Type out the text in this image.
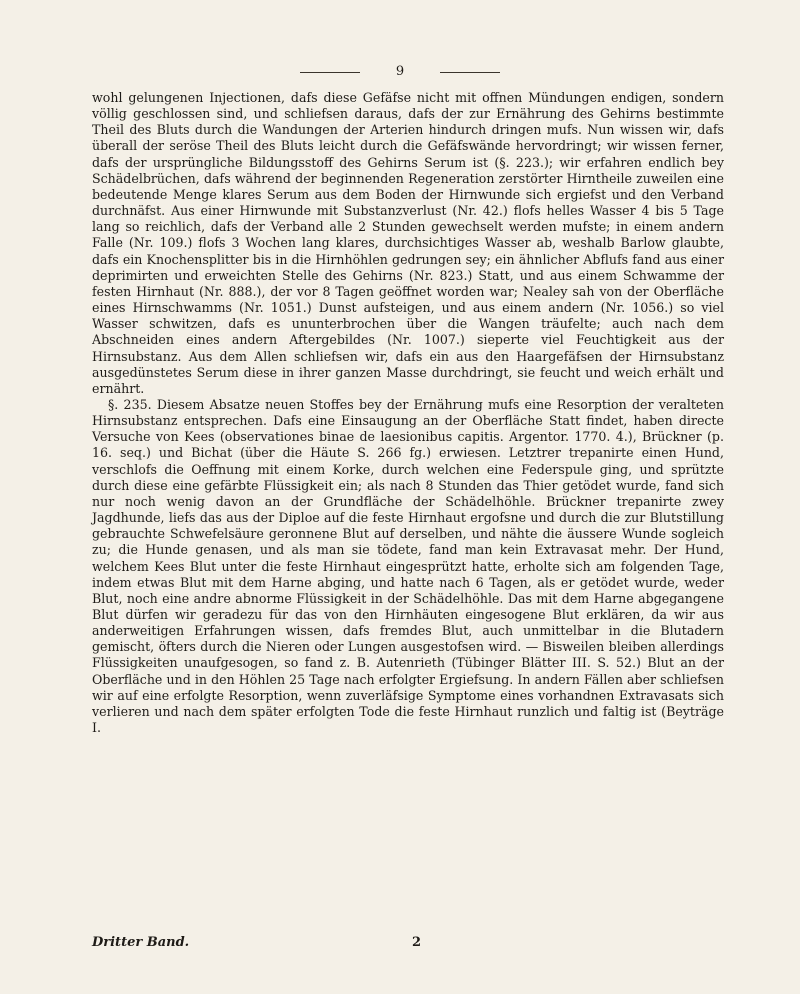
9

wohl gelungenen Injectionen, dafs diese Gefäfse nicht mit offnen Mündungen endigen, sondern völlig geschlossen sind, und schliefsen daraus, dafs der zur Ernährung des Gehirns bestimmte Theil des Bluts durch die Wandungen der Arterien hindurch dringen mufs. Nun wissen wir, dafs überall der seröse Theil des Bluts leicht durch die Gefäfswände hervordringt; wir wissen ferner, dafs der ursprüngliche Bildungsstoff des Gehirns Serum ist (§. 223.); wir erfahren endlich bey Schädelbrüchen, dafs während der beginnenden Regeneration zerstörter Hirntheile zuweilen eine bedeutende Menge klares Serum aus dem Boden der Hirnwunde sich ergiefst und den Verband durchnäfst. Aus einer Hirnwunde mit Substanzverlust (Nr. 42.) flofs helles Wasser 4 bis 5 Tage lang so reichlich, dafs der Verband alle 2 Stunden gewechselt werden mufste; in einem andern Falle (Nr. 109.) flofs 3 Wochen lang klares, durchsichtiges Wasser ab, weshalb Barlow glaubte, dafs ein Knochensplitter bis in die Hirnhöhlen gedrungen sey; ein ähnlicher Abflufs fand aus einer deprimirten und erweichten Stelle des Gehirns (Nr. 823.) Statt, und aus einem Schwamme der festen Hirnhaut (Nr. 888.), der vor 8 Tagen geöffnet worden war; Nealey sah von der Oberfläche eines Hirnschwamms (Nr. 1051.) Dunst aufsteigen, und aus einem andern (Nr. 1056.) so viel Wasser schwitzen, dafs es ununterbrochen über die Wangen träufelte; auch nach dem Abschneiden eines andern Aftergebildes (Nr. 1007.) sieperte viel Feuchtigkeit aus der Hirnsubstanz. Aus dem Allen schliefsen wir, dafs ein aus den Haargefäfsen der Hirnsubstanz ausgedünstetes Serum diese in ihrer ganzen Masse durchdringt, sie feucht und weich erhält und ernährt.

§. 235. Diesem Absatze neuen Stoffes bey der Ernährung mufs eine Resorption der veralteten Hirnsubstanz entsprechen. Dafs eine Einsaugung an der Oberfläche Statt findet, haben directe Versuche von Kees (observationes binae de laesionibus capitis. Argentor. 1770. 4.), Brückner (p. 16. seq.) und Bichat (über die Häute S. 266 fg.) erwiesen. Letztrer trepanirte einen Hund, verschlofs die Oeffnung mit einem Korke, durch welchen eine Federspule ging, und sprützte durch diese eine gefärbte Flüssigkeit ein; als nach 8 Stunden das Thier getödet wurde, fand sich nur noch wenig davon an der Grundfläche der Schädelhöhle. Brückner trepanirte zwey Jagdhunde, liefs das aus der Diploe auf die feste Hirnhaut ergofsne und durch die zur Blutstillung gebrauchte Schwefelsäure geronnene Blut auf derselben, und nähte die äussere Wunde sogleich zu; die Hunde genasen, und als man sie tödete, fand man kein Extravasat mehr. Der Hund, welchem Kees Blut unter die feste Hirnhaut eingesprützt hatte, erholte sich am folgenden Tage, indem etwas Blut mit dem Harne abging, und hatte nach 6 Tagen, als er getödet wurde, weder Blut, noch eine andre abnorme Flüssigkeit in der Schädelhöhle. Das mit dem Harne abgegangene Blut dürfen wir geradezu für das von den Hirnhäuten eingesogene Blut erklären, da wir aus anderweitigen Erfahrungen wissen, dafs fremdes Blut, auch unmittelbar in die Blutadern gemischt, öfters durch die Nieren oder Lungen ausgestofsen wird. — Bisweilen bleiben allerdings Flüssigkeiten unaufgesogen, so fand z. B. Autenrieth (Tübinger Blätter III. S. 52.) Blut an der Oberfläche und in den Höhlen 25 Tage nach erfolgter Ergiefsung. In andern Fällen aber schliefsen wir auf eine erfolgte Resorption, wenn zuverläfsige Symptome eines vorhandnen Extravasats sich verlieren und nach dem später erfolgten Tode die feste Hirnhaut runzlich und faltig ist (Beyträge I.

Dritter Band.	2
